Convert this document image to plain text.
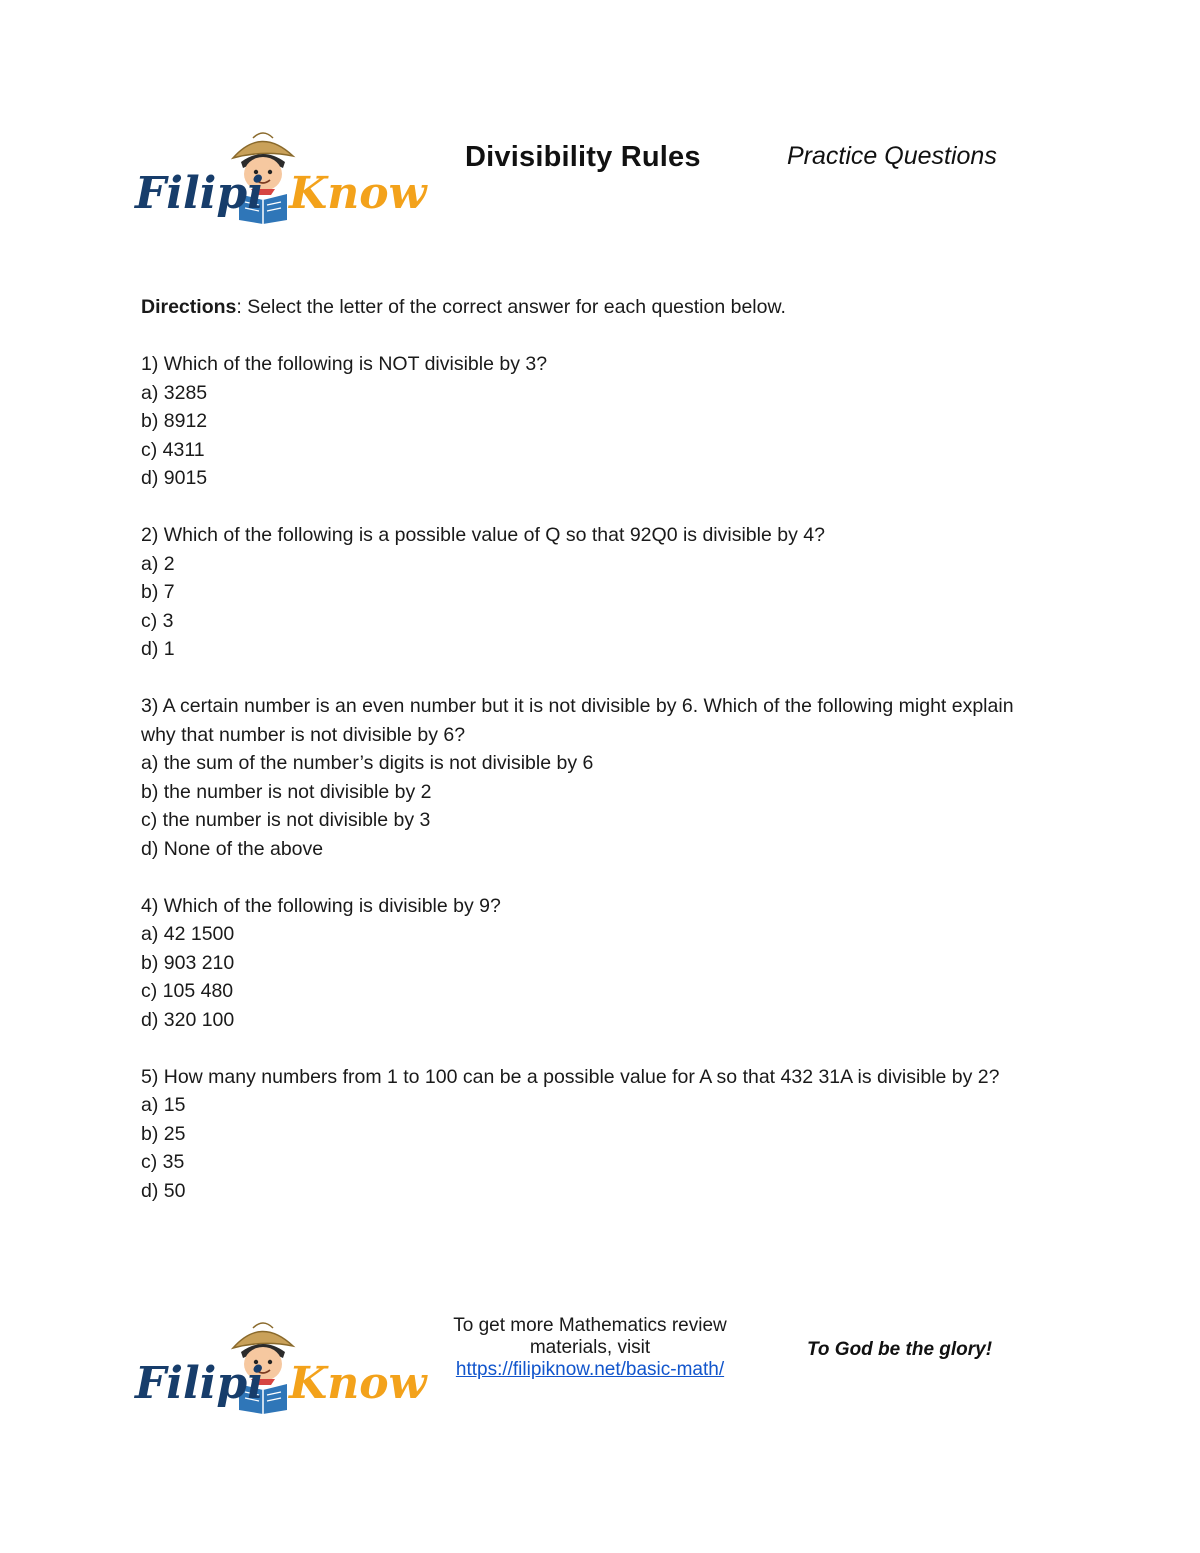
Filipi Know
Divisibility Rules	Practice Questions
Directions: Select the letter of the correct answer for each question below.
1) Which of the following is NOT divisible by 3?
a) 3285
b) 8912
c) 4311
d) 9015
2) Which of the following is a possible value of Q so that 92Q0 is divisible by 4?
a) 2
b) 7
c) 3
d) 1
3) A certain number is an even number but it is not divisible by 6. Which of the following might explain why that number is not divisible by 6?
a) the sum of the number’s digits is not divisible by 6
b) the number is not divisible by 2
c) the number is not divisible by 3
d) None of the above
4) Which of the following is divisible by 9?
a) 42 1500
b) 903 210
c) 105 480
d) 320 100
5) How many numbers from 1 to 100 can be a possible value for A so that 432 31A is divisible by 2?
a) 15
b) 25
c) 35
d) 50
Filipi Know
To get more Mathematics review
materials, visit
https://filipiknow.net/basic-math/
To God be the glory!
